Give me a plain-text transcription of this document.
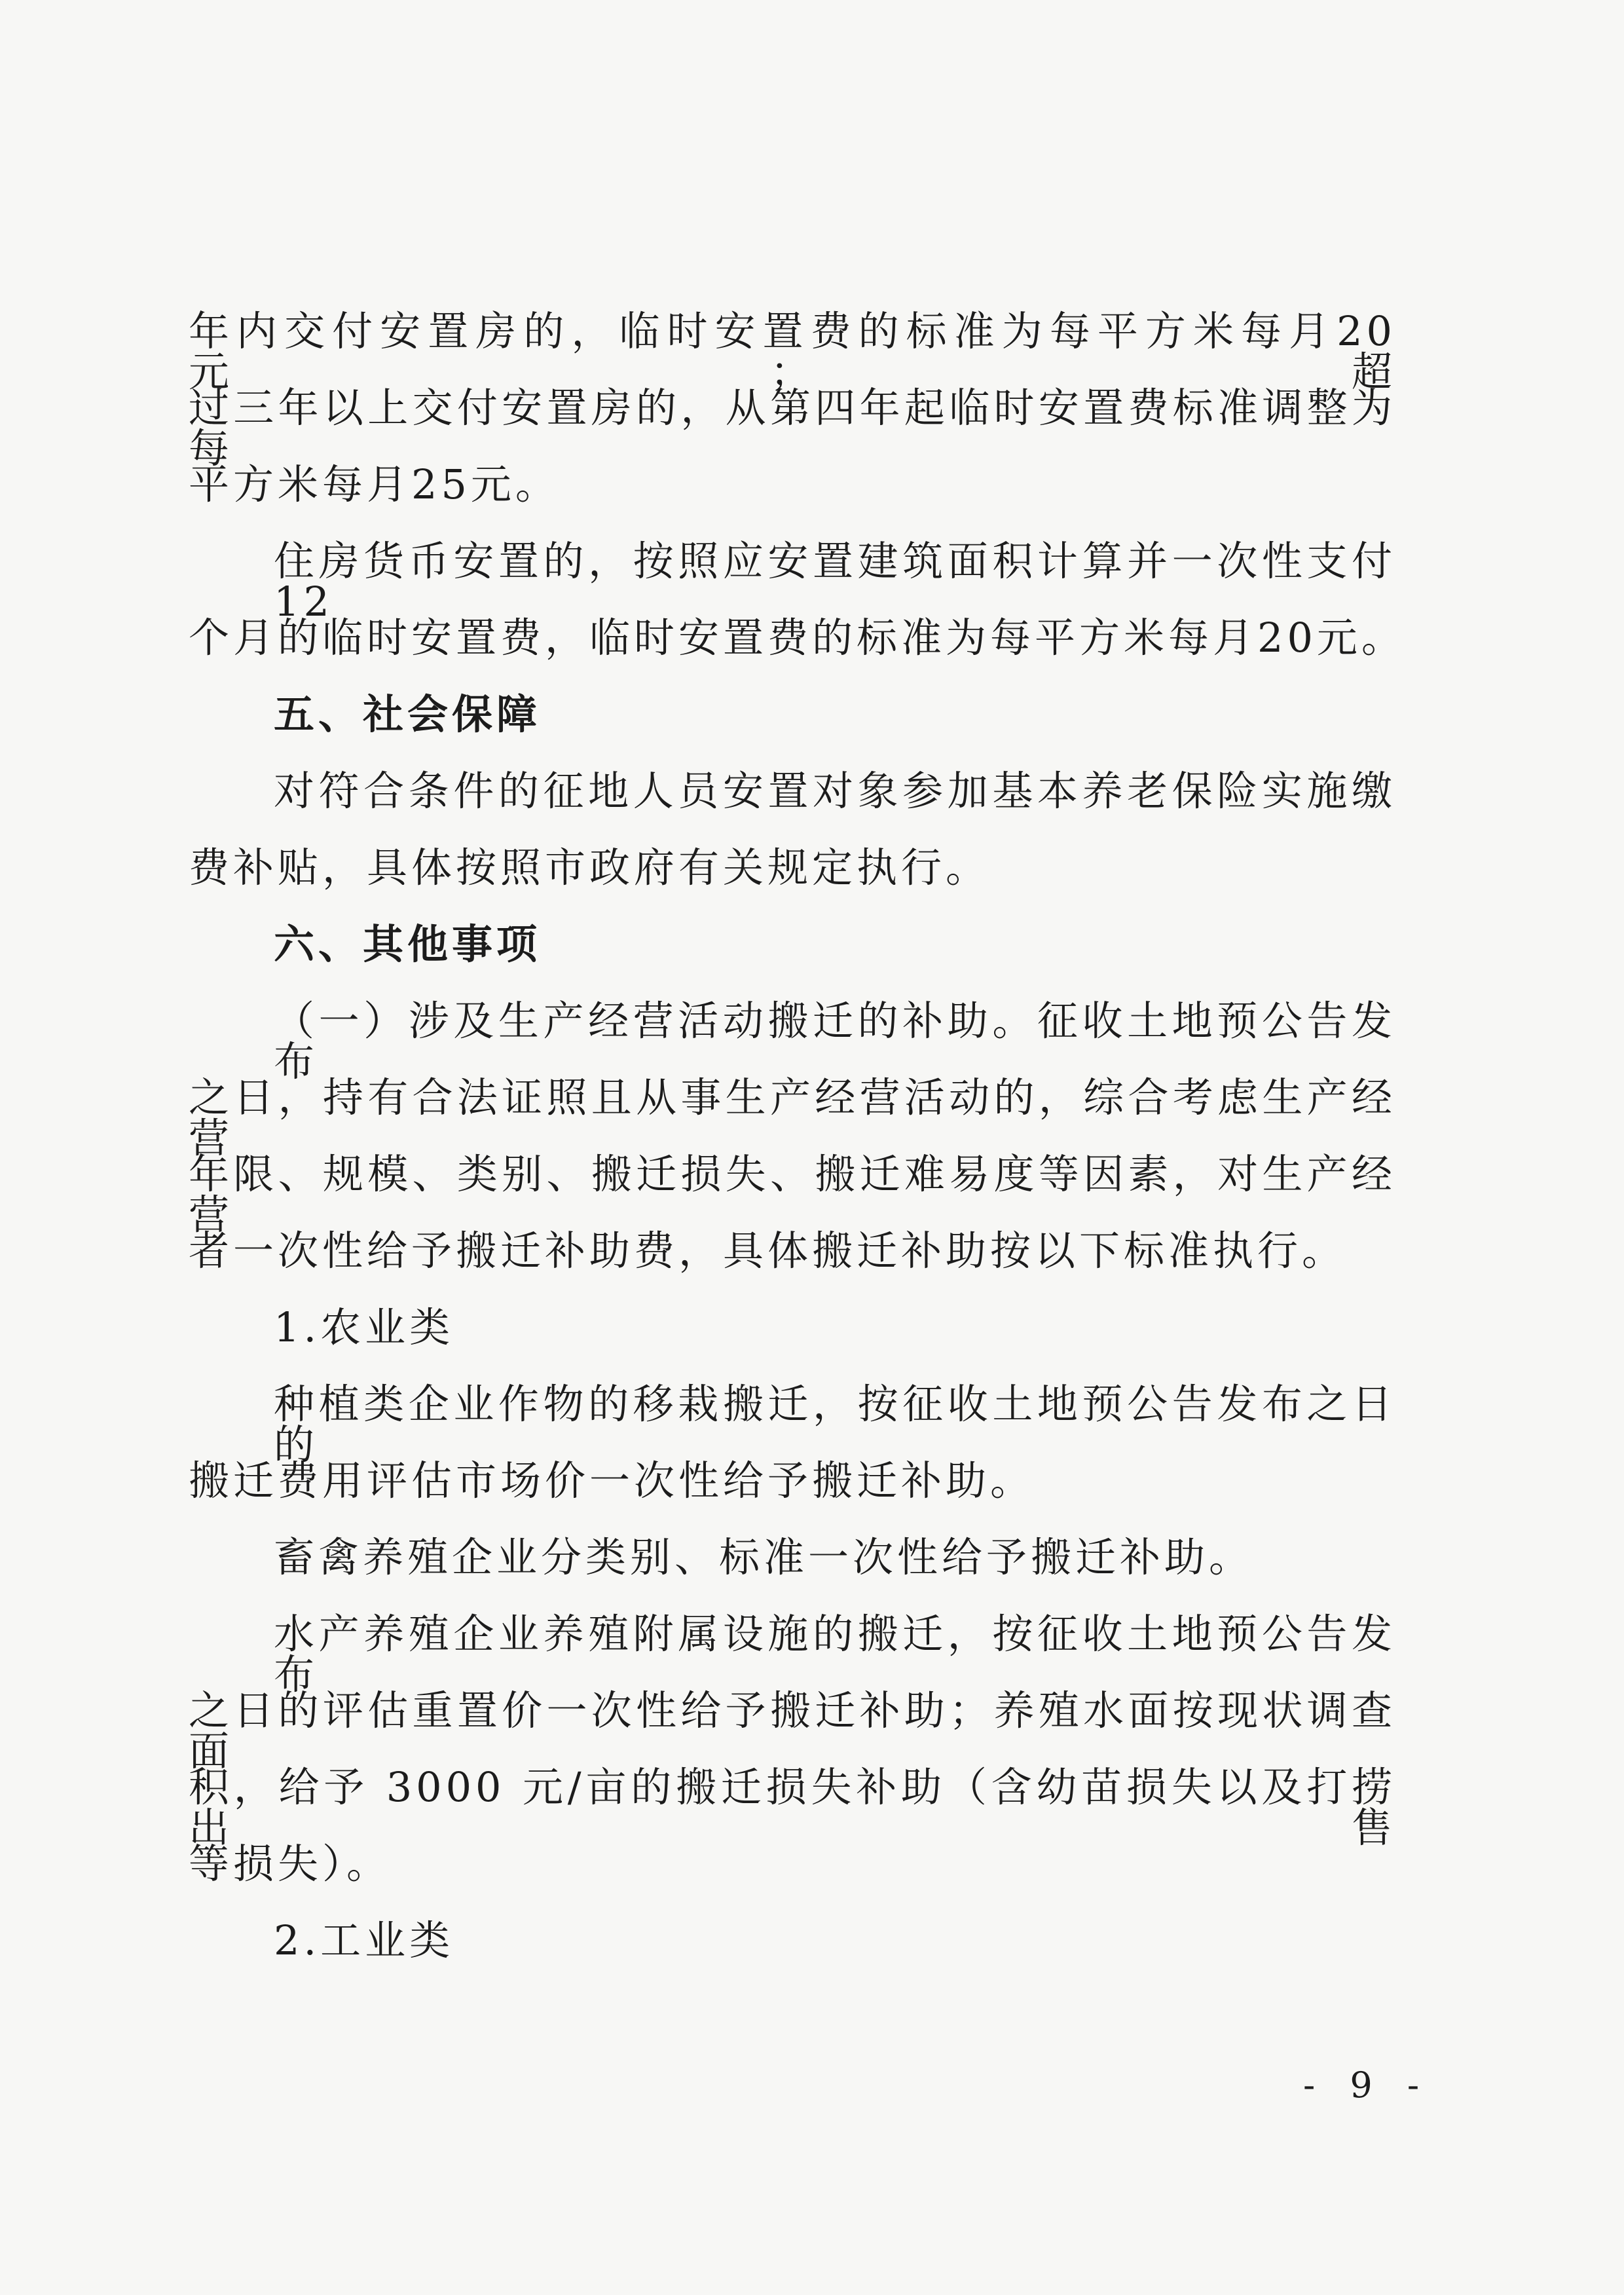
年内交付安置房的，临时安置费的标准为每平方米每月20元；超
过三年以上交付安置房的，从第四年起临时安置费标准调整为每
平方米每月25元。
住房货币安置的，按照应安置建筑面积计算并一次性支付12
个月的临时安置费，临时安置费的标准为每平方米每月20元。
五、社会保障
对符合条件的征地人员安置对象参加基本养老保险实施缴
费补贴，具体按照市政府有关规定执行。
六、其他事项
（一）涉及生产经营活动搬迁的补助。征收土地预公告发布
之日，持有合法证照且从事生产经营活动的，综合考虑生产经营
年限、规模、类别、搬迁损失、搬迁难易度等因素，对生产经营
者一次性给予搬迁补助费，具体搬迁补助按以下标准执行。
1.农业类
种植类企业作物的移栽搬迁，按征收土地预公告发布之日的
搬迁费用评估市场价一次性给予搬迁补助。
畜禽养殖企业分类别、标准一次性给予搬迁补助。
水产养殖企业养殖附属设施的搬迁，按征收土地预公告发布
之日的评估重置价一次性给予搬迁补助；养殖水面按现状调查面
积，给予 3000 元/亩的搬迁损失补助（含幼苗损失以及打捞出售
等损失）。
2.工业类
- 9 -
